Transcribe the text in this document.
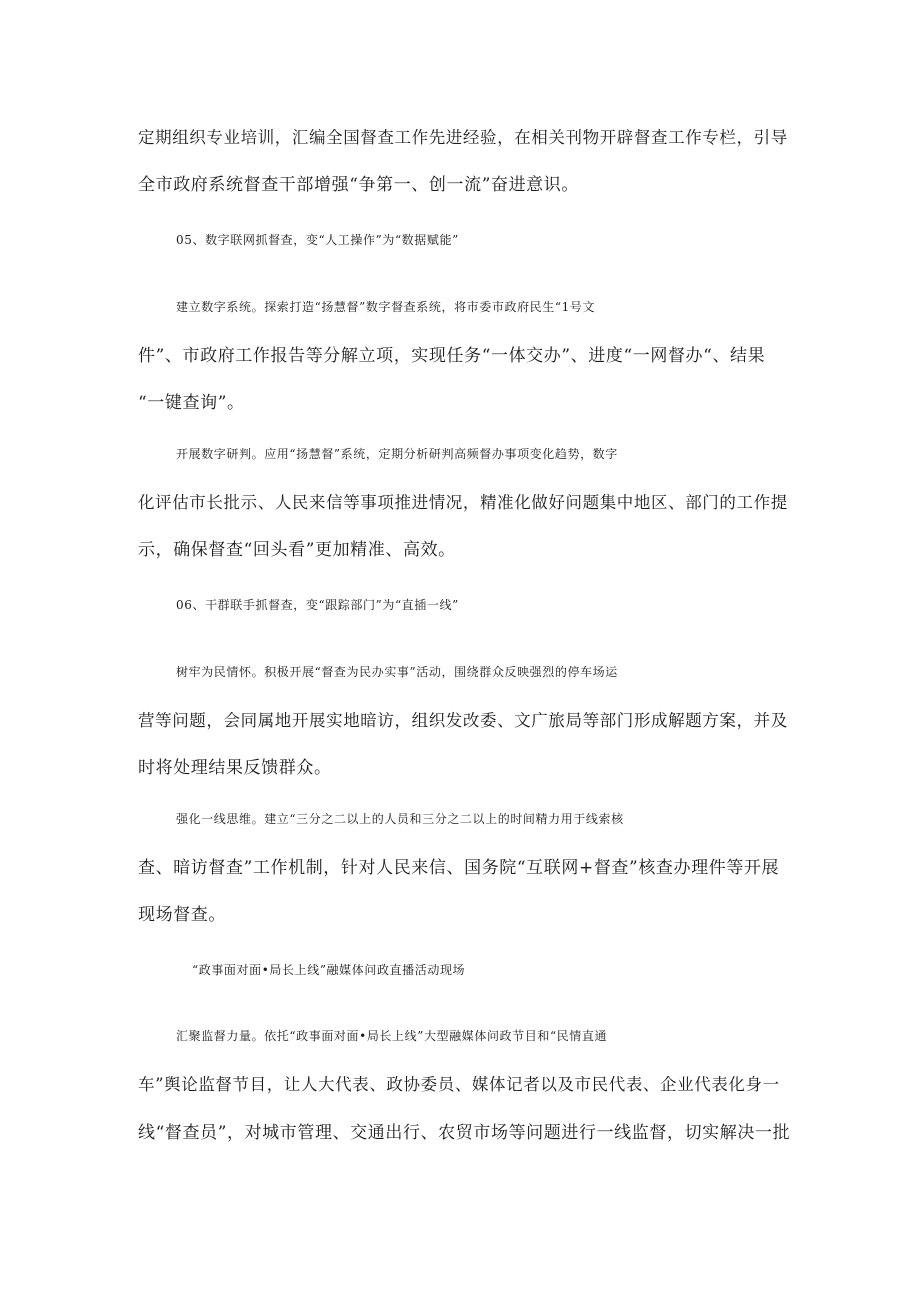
定期组织专业培训，汇编全国督查工作先进经验，在相关刊物开辟督查工作专栏，引导
全市政府系统督查干部增强“争第一、创一流”奋进意识。
05、数字联网抓督查，变“人工操作”为“数据赋能”
建立数字系统。探索打造“扬慧督”数字督查系统，将市委市政府民生“1号文
件”、市政府工作报告等分解立项，实现任务“一体交办”、进度“一网督办“、结果
“一键查询”。
开展数字研判。应用“扬慧督”系统，定期分析研判高频督办事项变化趋势，数字
化评估市长批示、人民来信等事项推进情况，精准化做好问题集中地区、部门的工作提
示，确保督查“回头看”更加精准、高效。
06、干群联手抓督查，变“跟踪部门”为“直插一线”
树牢为民情怀。积极开展“督查为民办实事”活动，围绕群众反映强烈的停车场运
营等问题，会同属地开展实地暗访，组织发改委、文广旅局等部门形成解题方案，并及
时将处理结果反馈群众。
强化一线思维。建立“三分之二以上的人员和三分之二以上的时间精力用于线索核
查、暗访督查”工作机制，针对人民来信、国务院“互联网+督查”核查办理件等开展
现场督查。
“政事面对面•局长上线”融媒体问政直播活动现场
汇聚监督力量。依托“政事面对面•局长上线”大型融媒体问政节目和“民情直通
车”舆论监督节目，让人大代表、政协委员、媒体记者以及市民代表、企业代表化身一
线“督查员”，对城市管理、交通出行、农贸市场等问题进行一线监督，切实解决一批
